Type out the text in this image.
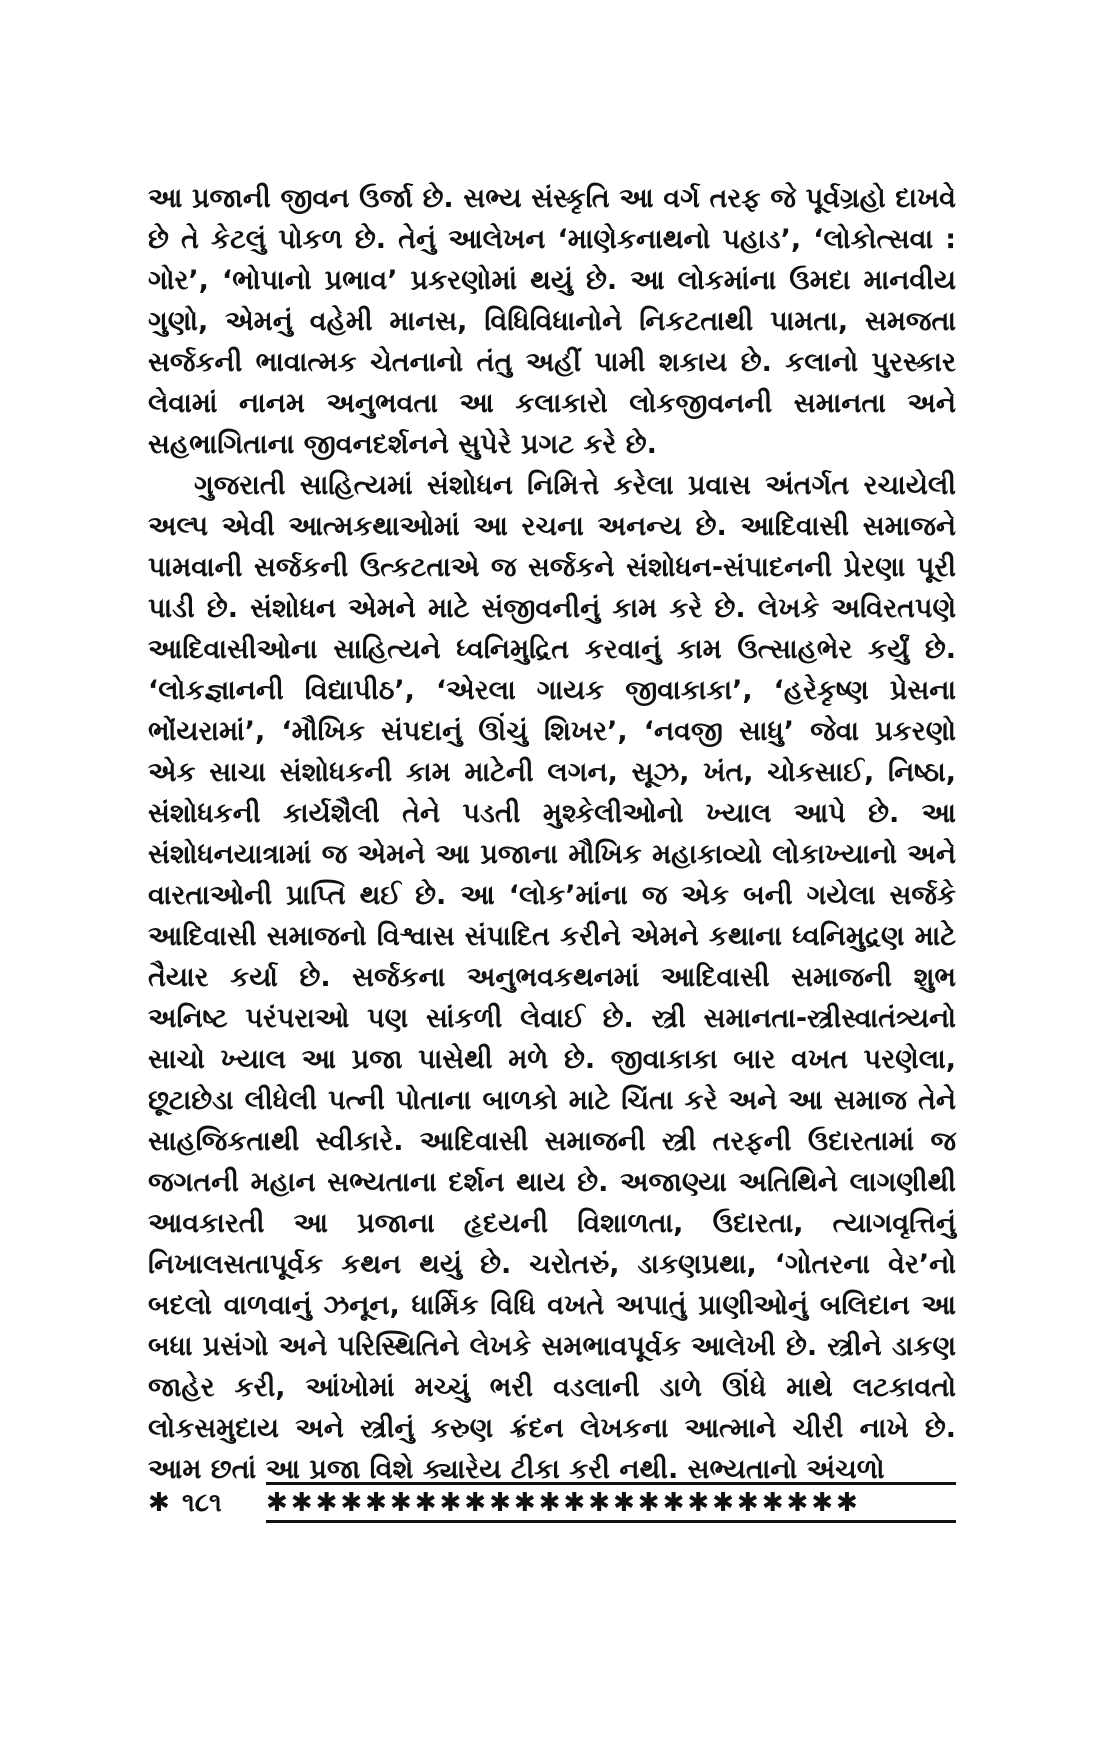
આ પ્રજાની જીવન ઉર્જા છે. સભ્ય સંસ્કૃતિ આ વર્ગ તરફ જે પૂર્વગ્રહો દાખવે છે તે કેટલું પોકળ છે. તેનું આલેખન ‘માણેકનાથનો પહાડ’, ‘લોકોત્સવા : ગોર’, ‘ભોપાનો પ્રભાવ’ પ્રકરણોમાં થયું છે. આ લોકમાંના ઉમદા માનવીય ગુણો, એમનું વહેમી માનસ, વિધિવિધાનોને નિકટતાથી પામતા, સમજતા સર્જકની ભાવાત્મક ચેતનાનો તંતુ અહીં પામી શકાય છે. કલાનો પુરસ્કાર લેવામાં નાનમ અનુભવતા આ કલાકારો લોકજીવનની સમાનતા અને સહભાગિતાના જીવનદર્શનને સુપેરે પ્રગટ કરે છે.

ગુજરાતી સાહિત્યમાં સંશોધન નિમિત્તે કરેલા પ્રવાસ અંતર્ગત રચાયેલી અલ્પ એવી આત્મકથાઓમાં આ રચના અનન્ય છે. આદિવાસી સમાજને પામવાની સર્જકની ઉત્કટતાએ જ સર્જકને સંશોધન-સંપાદનની પ્રેરણા પૂરી પાડી છે. સંશોધન એમને માટે સંજીવનીનું કામ કરે છે. લેખકે અવિરતપણે આદિવાસીઓના સાહિત્યને ધ્વનિમુદ્રિત કરવાનું કામ ઉત્સાહભેર કર્યું છે. ‘લોકજ્ઞાનની વિદ્યાપીઠ’, ‘એરલા ગાયક જીવાકાકા’, ‘હરેકૃષ્ણ પ્રેસના ભોંયરામાં’, ‘મૌખિક સંપદાનું ઊંચું શિખર’, ‘નવજી સાધુ’ જેવા પ્રકરણો એક સાચા સંશોધકની કામ માટેની લગન, સૂઝ, ખંત, ચોકસાઈ, નિષ્ઠા, સંશોધકની કાર્યશૈલી તેને પડતી મુશ્કેલીઓનો ખ્યાલ આપે છે. આ સંશોધનયાત્રામાં જ એમને આ પ્રજાના મૌખિક મહાકાવ્યો લોકાખ્યાનો અને વારતાઓની પ્રાપ્તિ થઈ છે. આ ‘લોક’માંના જ એક બની ગયેલા સર્જકે આદિવાસી સમાજનો વિશ્વાસ સંપાદિત કરીને એમને કથાના ધ્વનિમુદ્રણ માટે તૈયાર કર્યા છે. સર્જકના અનુભવકથનમાં આદિવાસી સમાજની શુભ અનિષ્ટ પરંપરાઓ પણ સાંકળી લેવાઈ છે. સ્ત્રી સમાનતા-સ્ત્રીસ્વાતંત્ર્યનો સાચો ખ્યાલ આ પ્રજા પાસેથી મળે છે. જીવાકાકા બાર વખત પરણેલા, છૂટાછેડા લીધેલી પત્ની પોતાના બાળકો માટે ચિંતા કરે અને આ સમાજ તેને સાહજિકતાથી સ્વીકારે. આદિવાસી સમાજની સ્ત્રી તરફની ઉદારતામાં જ જગતની મહાન સભ્યતાના દર્શન થાય છે. અજાણ્યા અતિથિને લાગણીથી આવકારતી આ પ્રજાના હૃદયની વિશાળતા, ઉદારતા, ત્યાગવૃત્તિનું નિખાલસતાપૂર્વક કથન થયું છે. ચરોતરું, ડાકણપ્રથા, ‘ગોતરના વેર’નો બદલો વાળવાનું ઝનૂન, ધાર્મિક વિધિ વખતે અપાતું પ્રાણીઓનું બલિદાન આ બધા પ્રસંગો અને પરિસ્થિતિને લેખકે સમભાવપૂર્વક આલેખી છે. સ્ત્રીને ડાકણ જાહેર કરી, આંખોમાં મચ્ચું ભરી વડલાની ડાળે ઊંધે માથે લટકાવતો લોકસમુદાય અને સ્ત્રીનું કરુણ ક્રંદન લેખકના આત્માને ચીરી નાખે છે. આમ છતાં આ પ્રજા વિશે ક્યારેય ટીકા કરી નથી. સભ્યતાનો અંચળો

✱ ૧૮૧ ✱✱✱✱✱✱✱✱✱✱✱✱✱✱✱✱✱✱✱✱✱✱✱✱
